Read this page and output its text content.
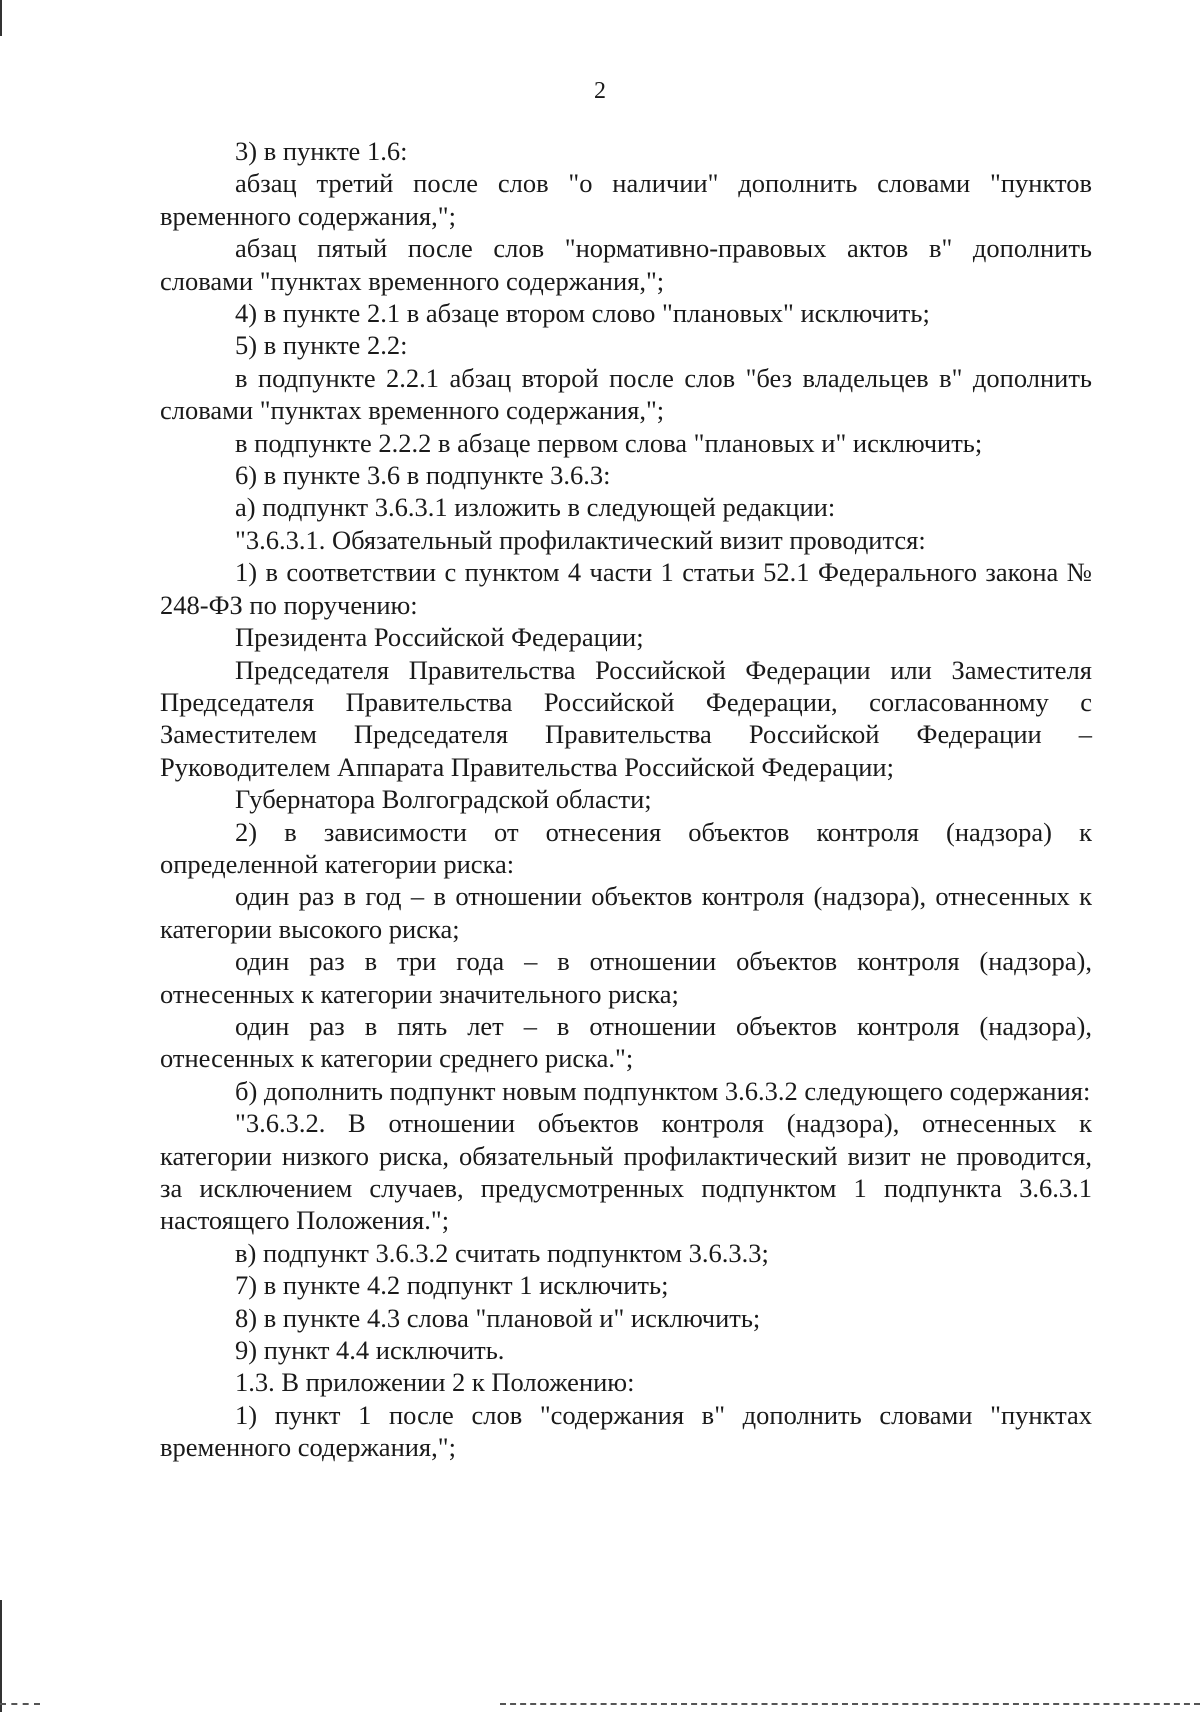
2

3) в пункте 1.6:

абзац третий после слов "о наличии" дополнить словами "пунктов временного содержания,";

абзац пятый после слов "нормативно-правовых актов в" дополнить словами "пунктах временного содержания,";

4) в пункте 2.1 в абзаце втором слово "плановых" исключить;

5) в пункте 2.2:

в подпункте 2.2.1 абзац второй после слов "без владельцев в" дополнить словами "пунктах временного содержания,";

в подпункте 2.2.2 в абзаце первом слова "плановых и" исключить;

6) в пункте 3.6 в подпункте 3.6.3:

а) подпункт 3.6.3.1 изложить в следующей редакции:

"3.6.3.1. Обязательный профилактический визит проводится:

1) в соответствии с пунктом 4 части 1 статьи 52.1 Федерального закона № 248-ФЗ по поручению:

Президента Российской Федерации;

Председателя Правительства Российской Федерации или Заместителя Председателя Правительства Российской Федерации, согласованному с Заместителем Председателя Правительства Российской Федерации – Руководителем Аппарата Правительства Российской Федерации;

Губернатора Волгоградской области;

2) в зависимости от отнесения объектов контроля (надзора) к определенной категории риска:

один раз в год – в отношении объектов контроля (надзора), отнесенных к категории высокого риска;

один раз в три года – в отношении объектов контроля (надзора), отнесенных к категории значительного риска;

один раз в пять лет – в отношении объектов контроля (надзора), отнесенных к категории среднего риска.";

б) дополнить подпункт новым подпунктом 3.6.3.2 следующего содержания:

"3.6.3.2. В отношении объектов контроля (надзора), отнесенных к категории низкого риска, обязательный профилактический визит не проводится, за исключением случаев, предусмотренных подпунктом 1 подпункта 3.6.3.1 настоящего Положения.";

в) подпункт 3.6.3.2 считать подпунктом 3.6.3.3;

7) в пункте 4.2 подпункт 1 исключить;

8) в пункте 4.3 слова "плановой и" исключить;

9) пункт 4.4 исключить.

1.3. В приложении 2 к Положению:

1) пункт 1 после слов "содержания в" дополнить словами "пунктах временного содержания,";
